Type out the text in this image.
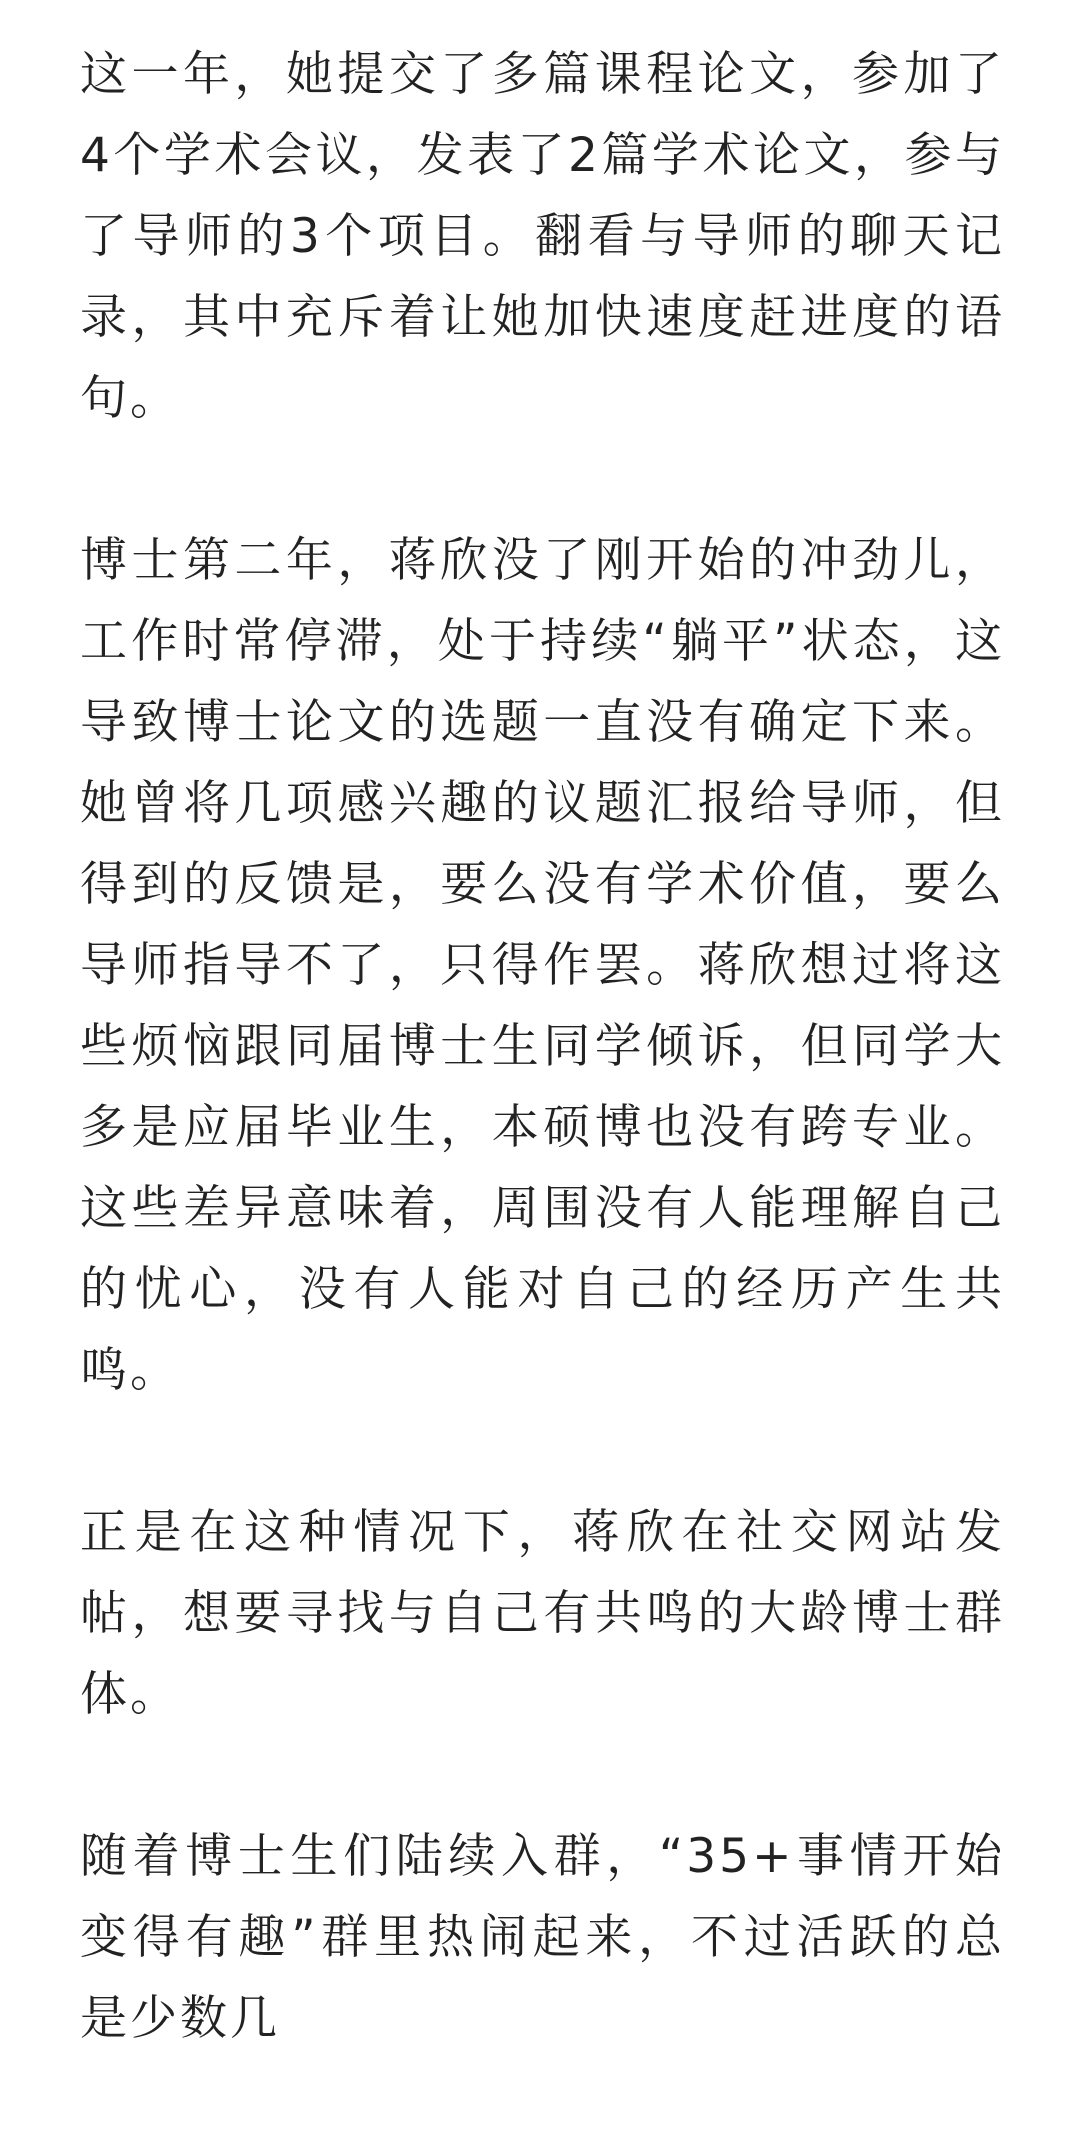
这一年，她提交了多篇课程论文，参加了4个学术会议，发表了2篇学术论文，参与了导师的3个项目。翻看与导师的聊天记录，其中充斥着让她加快速度赶进度的语句。

博士第二年，蒋欣没了刚开始的冲劲儿，工作时常停滞，处于持续“躺平”状态，这导致博士论文的选题一直没有确定下来。她曾将几项感兴趣的议题汇报给导师，但得到的反馈是，要么没有学术价值，要么导师指导不了，只得作罢。蒋欣想过将这些烦恼跟同届博士生同学倾诉，但同学大多是应届毕业生，本硕博也没有跨专业。这些差异意味着，周围没有人能理解自己的忧心，没有人能对自己的经历产生共鸣。

正是在这种情况下，蒋欣在社交网站发帖，想要寻找与自己有共鸣的大龄博士群体。

随着博士生们陆续入群，“35+事情开始变得有趣”群里热闹起来，不过活跃的总是少数几
